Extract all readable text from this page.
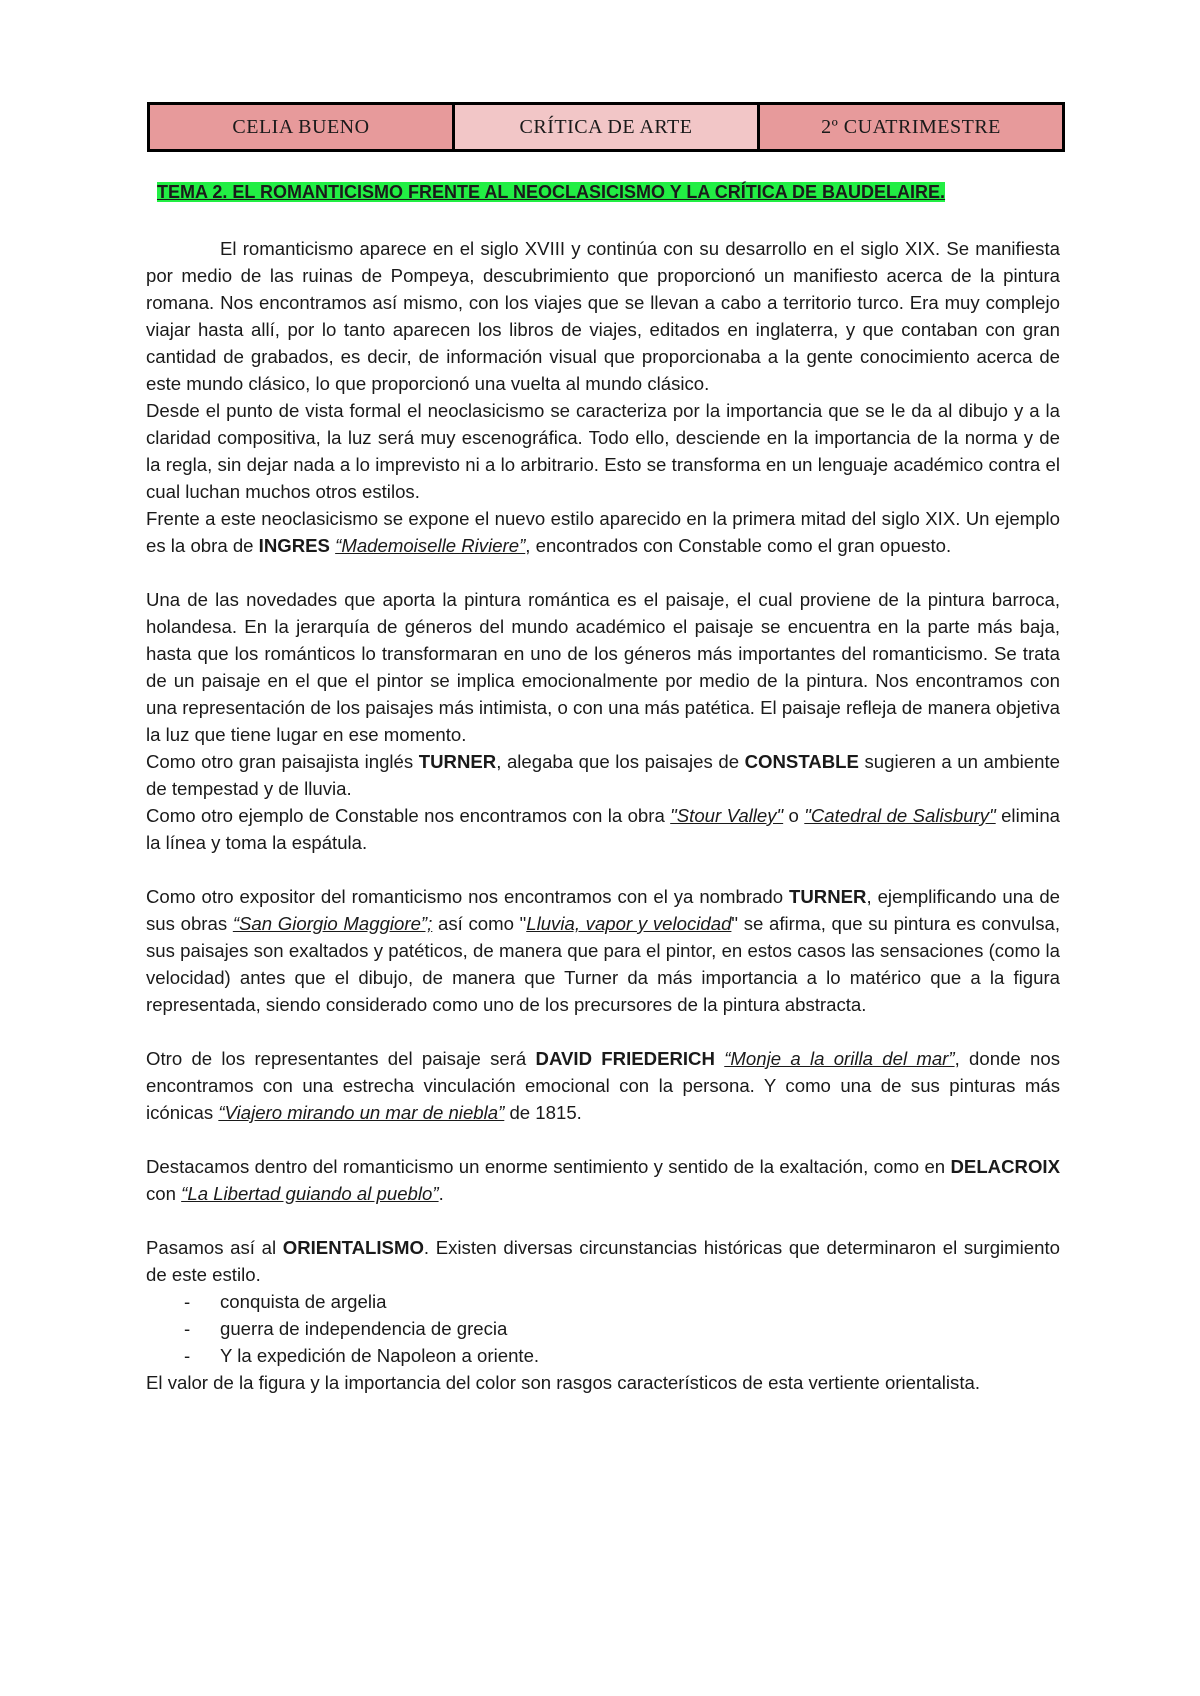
CELIA BUENO	CRÍTICA DE ARTE	2º CUATRIMESTRE
TEMA 2. EL ROMANTICISMO FRENTE AL NEOCLASICISMO Y LA CRÍTICA DE BAUDELAIRE.

El romanticismo aparece en el siglo XVIII y continúa con su desarrollo en el siglo XIX. Se manifiesta por medio de las ruinas de Pompeya, descubrimiento que proporcionó un manifiesto acerca de la pintura romana. Nos encontramos así mismo, con los viajes que se llevan a cabo a territorio turco. Era muy complejo viajar hasta allí, por lo tanto aparecen los libros de viajes, editados en inglaterra, y que contaban con gran cantidad de grabados, es decir, de información visual que proporcionaba a la gente conocimiento acerca de este mundo clásico, lo que proporcionó una vuelta al mundo clásico.

Desde el punto de vista formal el neoclasicismo se caracteriza por la importancia que se le da al dibujo y a la claridad compositiva, la luz será muy escenográfica. Todo ello, desciende en la importancia de la norma y de la regla, sin dejar nada a lo imprevisto ni a lo arbitrario. Esto se transforma en un lenguaje académico contra el cual luchan muchos otros estilos.

Frente a este neoclasicismo se expone el nuevo estilo aparecido en la primera mitad del siglo XIX. Un ejemplo es la obra de INGRES “Mademoiselle Riviere”, encontrados con Constable como el gran opuesto.

Una de las novedades que aporta la pintura romántica es el paisaje, el cual proviene de la pintura barroca, holandesa. En la jerarquía de géneros del mundo académico el paisaje se encuentra en la parte más baja, hasta que los románticos lo transformaran en uno de los géneros más importantes del romanticismo. Se trata de un paisaje en el que el pintor se implica emocionalmente por medio de la pintura. Nos encontramos con una representación de los paisajes más intimista, o con una más patética. El paisaje refleja de manera objetiva la luz que tiene lugar en ese momento.

Como otro gran paisajista inglés TURNER, alegaba que los paisajes de CONSTABLE sugieren a un ambiente de tempestad y de lluvia.

Como otro ejemplo de Constable nos encontramos con la obra "Stour Valley" o "Catedral de Salisbury" elimina la línea y toma la espátula.

Como otro expositor del romanticismo nos encontramos con el ya nombrado TURNER, ejemplificando una de sus obras “San Giorgio Maggiore”; así como "Lluvia, vapor y velocidad" se afirma, que su pintura es convulsa, sus paisajes son exaltados y patéticos, de manera que para el pintor, en estos casos las sensaciones (como la velocidad) antes que el dibujo, de manera que Turner da más importancia a lo matérico que a la figura representada, siendo considerado como uno de los precursores de la pintura abstracta.

Otro de los representantes del paisaje será DAVID FRIEDERICH “Monje a la orilla del mar”, donde nos encontramos con una estrecha vinculación emocional con la persona. Y como una de sus pinturas más icónicas “Viajero mirando un mar de niebla” de 1815.

Destacamos dentro del romanticismo un enorme sentimiento y sentido de la exaltación, como en DELACROIX con “La Libertad guiando al pueblo”.

Pasamos así al ORIENTALISMO. Existen diversas circunstancias históricas que determinaron el surgimiento de este estilo.

- conquista de argelia
- guerra de independencia de grecia
- Y la expedición de Napoleon a oriente.

El valor de la figura y la importancia del color son rasgos característicos de esta vertiente orientalista.
